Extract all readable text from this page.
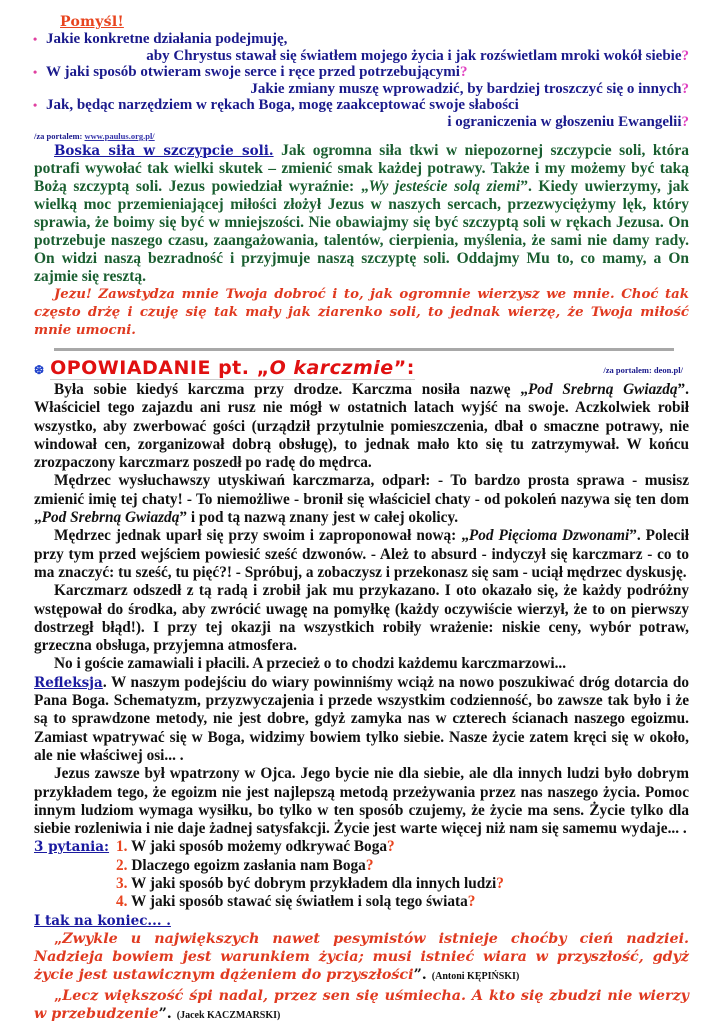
Pomyśl!
• Jakie konkretne działania podejmuję,
aby Chrystus stawał się światłem mojego życia i jak rozświetlam mroki wokół siebie?
• W jaki sposób otwieram swoje serce i ręce przed potrzebującymi?
Jakie zmiany muszę wprowadzić, by bardziej troszczyć się o innych?
• Jak, będąc narzędziem w rękach Boga, mogę zaakceptować swoje słabości
i ograniczenia w głoszeniu Ewangelii?
/za portalem: www.paulus.org.pl/
Boska siła w szczypcie soli. Jak ogromna siła tkwi w niepozornej szczypcie soli, która potrafi wywołać tak wielki skutek – zmienić smak każdej potrawy. Także i my możemy być taką Bożą szczyptą soli. Jezus powiedział wyraźnie: „Wy jesteście solą ziemi”. Kiedy uwierzymy, jak wielką moc przemieniającej miłości złożył Jezus w naszych sercach, przezwyciężymy lęk, który sprawia, że boimy się być w mniejszości. Nie obawiajmy się być szczyptą soli w rękach Jezusa. On potrzebuje naszego czasu, zaangażowania, talentów, cierpienia, myślenia, że sami nie damy rady. On widzi naszą bezradność i przyjmuje naszą szczyptę soli. Oddajmy Mu to, co mamy, a On zajmie się resztą.
Jezu! Zawstydza mnie Twoja dobroć i to, jak ogromnie wierzysz we mnie. Choć tak często drżę i czuję się tak mały jak ziarenko soli, to jednak wierzę, że Twoja miłość mnie umocni.
❆ OPOWIADANIE pt. „O karczmie”:	/za portalem: deon.pl/

Była sobie kiedyś karczma przy drodze. Karczma nosiła nazwę „Pod Srebrną Gwiazdą”. Właściciel tego zajazdu ani rusz nie mógł w ostatnich latach wyjść na swoje. Aczkolwiek robił wszystko, aby zwerbować gości (urządził przytulnie pomieszczenia, dbał o smaczne potrawy, nie windował cen, zorganizował dobrą obsługę), to jednak mało kto się tu zatrzymywał. W końcu zrozpaczony karczmarz poszedł po radę do mędrca.

Mędrzec wysłuchawszy utyskiwań karczmarza, odparł: - To bardzo prosta sprawa - musisz zmienić imię tej chaty! - To niemożliwe - bronił się właściciel chaty - od pokoleń nazywa się ten dom „Pod Srebrną Gwiazdą” i pod tą nazwą znany jest w całej okolicy.

Mędrzec jednak uparł się przy swoim i zaproponował nową: „Pod Pięcioma Dzwonami”. Polecił przy tym przed wejściem powiesić sześć dzwonów. - Ależ to absurd - indyczył się karczmarz - co to ma znaczyć: tu sześć, tu pięć?! - Spróbuj, a zobaczysz i przekonasz się sam - uciął mędrzec dyskusję.

Karczmarz odszedł z tą radą i zrobił jak mu przykazano. I oto okazało się, że każdy podróżny wstępował do środka, aby zwrócić uwagę na pomyłkę (każdy oczywiście wierzył, że to on pierwszy dostrzegł błąd!). I przy tej okazji na wszystkich robiły wrażenie: niskie ceny, wybór potraw, grzeczna obsługa, przyjemna atmosfera.

No i goście zamawiali i płacili. A przecież o to chodzi każdemu karczmarzowi...

Refleksja. W naszym podejściu do wiary powinniśmy wciąż na nowo poszukiwać dróg dotarcia do Pana Boga. Schematyzm, przyzwyczajenia i przede wszystkim codzienność, bo zawsze tak było i że są to sprawdzone metody, nie jest dobre, gdyż zamyka nas w czterech ścianach naszego egoizmu. Zamiast wpatrywać się w Boga, widzimy bowiem tylko siebie. Nasze życie zatem kręci się w około, ale nie właściwej osi... .

Jezus zawsze był wpatrzony w Ojca. Jego bycie nie dla siebie, ale dla innych ludzi było dobrym przykładem tego, że egoizm nie jest najlepszą metodą przeżywania przez nas naszego życia. Pomoc innym ludziom wymaga wysiłku, bo tylko w ten sposób czujemy, że życie ma sens. Życie tylko dla siebie rozleniwia i nie daje żadnej satysfakcji. Życie jest warte więcej niż nam się samemu wydaje... .

3 pytania: 1. W jaki sposób możemy odkrywać Boga?
2. Dlaczego egoizm zasłania nam Boga?
3. W jaki sposób być dobrym przykładem dla innych ludzi?
4. W jaki sposób stawać się światłem i solą tego świata?
I tak na koniec... .
„Zwykle u największych nawet pesymistów istnieje choćby cień nadziei. Nadzieja bowiem jest warunkiem życia; musi istnieć wiara w przyszłość, gdyż życie jest ustawicznym dążeniem do przyszłości”. (Antoni KĘPIŃSKI)
„Lecz większość śpi nadal, przez sen się uśmiecha. A kto się zbudzi nie wierzy w przebudzenie”. (Jacek KACZMARSKI)
